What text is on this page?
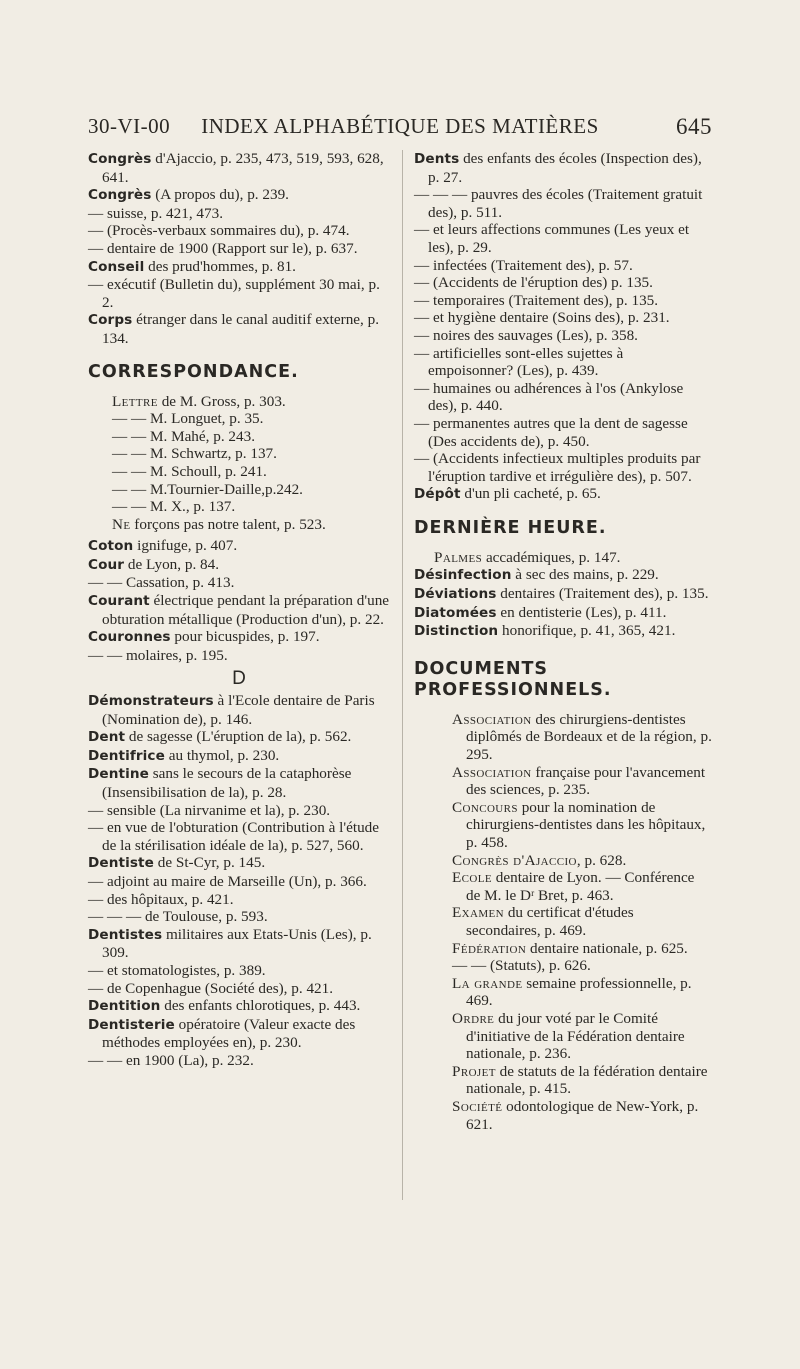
30-VI-00	INDEX ALPHABÉTIQUE DES MATIÈRES	645

Congrès d'Ajaccio, p. 235, 473, 519, 593, 628, 641.

Congrès (A propos du), p. 239.

— suisse, p. 421, 473.

— (Procès-verbaux sommaires du), p. 474.

— dentaire de 1900 (Rapport sur le), p. 637.

Conseil des prud'hommes, p. 81.

— exécutif (Bulletin du), supplément 30 mai, p. 2.

Corps étranger dans le canal auditif externe, p. 134.

CORRESPONDANCE.

Lettre de M. Gross, p. 303.

— — M. Longuet, p. 35.

— — M. Mahé, p. 243.

— — M. Schwartz, p. 137.

— — M. Schoull, p. 241.

— — M.Tournier-Daille,p.242.

— — M. X., p. 137.

Ne forçons pas notre talent, p. 523.

Coton ignifuge, p. 407.

Cour de Lyon, p. 84.

— — Cassation, p. 413.

Courant électrique pendant la préparation d'une obturation métallique (Production d'un), p. 22.

Couronnes pour bicuspides, p. 197.

— — molaires, p. 195.

D

Démonstrateurs à l'Ecole dentaire de Paris (Nomination de), p. 146.

Dent de sagesse (L'éruption de la), p. 562.

Dentifrice au thymol, p. 230.

Dentine sans le secours de la cataphorèse (Insensibilisation de la), p. 28.

— sensible (La nirvanime et la), p. 230.

— en vue de l'obturation (Contribution à l'étude de la stérilisation idéale de la), p. 527, 560.

Dentiste de St-Cyr, p. 145.

— adjoint au maire de Marseille (Un), p. 366.

— des hôpitaux, p. 421.

— — — de Toulouse, p. 593.

Dentistes militaires aux Etats-Unis (Les), p. 309.

— et stomatologistes, p. 389.

— de Copenhague (Société des), p. 421.

Dentition des enfants chlorotiques, p. 443.

Dentisterie opératoire (Valeur exacte des méthodes employées en), p. 230.

— — en 1900 (La), p. 232.

Dents des enfants des écoles (Inspection des), p. 27.

— — — pauvres des écoles (Traitement gratuit des), p. 511.

— et leurs affections communes (Les yeux et les), p. 29.

— infectées (Traitement des), p. 57.

— (Accidents de l'éruption des) p. 135.

— temporaires (Traitement des), p. 135.

— et hygiène dentaire (Soins des), p. 231.

— noires des sauvages (Les), p. 358.

— artificielles sont-elles sujettes à empoisonner? (Les), p. 439.

— humaines ou adhérences à l'os (Ankylose des), p. 440.

— permanentes autres que la dent de sagesse (Des accidents de), p. 450.

— (Accidents infectieux multiples produits par l'éruption tardive et irrégulière des), p. 507.

Dépôt d'un pli cacheté, p. 65.

DERNIÈRE HEURE.

Palmes accadémiques, p. 147.

Désinfection à sec des mains, p. 229.

Déviations dentaires (Traitement des), p. 135.

Diatomées en dentisterie (Les), p. 411.

Distinction honorifique, p. 41, 365, 421.

DOCUMENTS PROFESSIONNELS.

Association des chirurgiens-dentistes diplômés de Bordeaux et de la région, p. 295.

Association française pour l'avancement des sciences, p. 235.

Concours pour la nomination de chirurgiens-dentistes dans les hôpitaux, p. 458.

Congrès d'Ajaccio, p. 628.

Ecole dentaire de Lyon. — Conférence de M. le Dʳ Bret, p. 463.

Examen du certificat d'études secondaires, p. 469.

Fédération dentaire nationale, p. 625.

— — (Statuts), p. 626.

La grande semaine professionnelle, p. 469.

Ordre du jour voté par le Comité d'initiative de la Fédération dentaire nationale, p. 236.

Projet de statuts de la fédération dentaire nationale, p. 415.

Société odontologique de New-York, p. 621.
